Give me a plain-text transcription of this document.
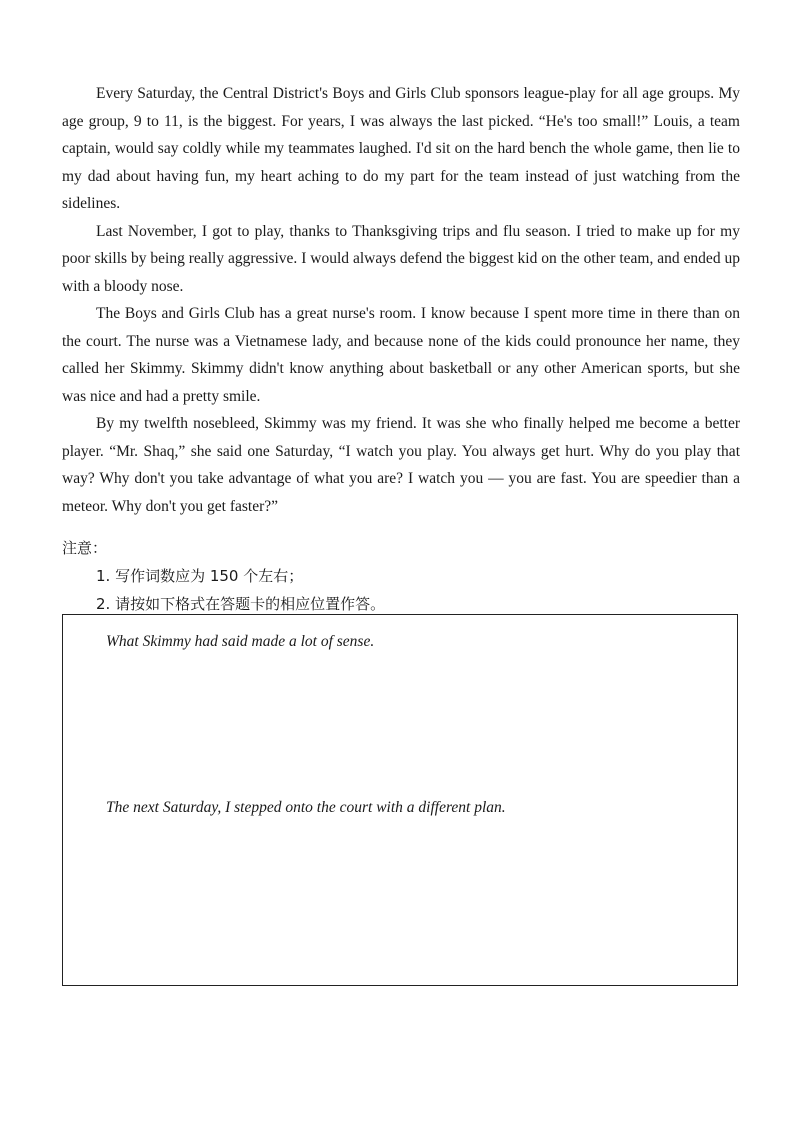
Every Saturday, the Central District's Boys and Girls Club sponsors league-play for all age groups. My age group, 9 to 11, is the biggest. For years, I was always the last picked. “He's too small!” Louis, a team captain, would say coldly while my teammates laughed. I'd sit on the hard bench the whole game, then lie to my dad about having fun, my heart aching to do my part for the team instead of just watching from the sidelines.

Last November, I got to play, thanks to Thanksgiving trips and flu season. I tried to make up for my poor skills by being really aggressive. I would always defend the biggest kid on the other team, and ended up with a bloody nose.

The Boys and Girls Club has a great nurse's room. I know because I spent more time in there than on the court. The nurse was a Vietnamese lady, and because none of the kids could pronounce her name, they called her Skimmy. Skimmy didn't know anything about basketball or any other American sports, but she was nice and had a pretty smile.

By my twelfth nosebleed, Skimmy was my friend. It was she who finally helped me become a better player. “Mr. Shaq,” she said one Saturday, “I watch you play. You always get hurt. Why do you play that way? Why don't you take advantage of what you are? I watch you — you are fast. You are speedier than a meteor. Why don't you get faster?”

注意：
1. 写作词数应为 150 个左右；
2. 请按如下格式在答题卡的相应位置作答。
What Skimmy had said made a lot of sense.
The next Saturday, I stepped onto the court with a different plan.
